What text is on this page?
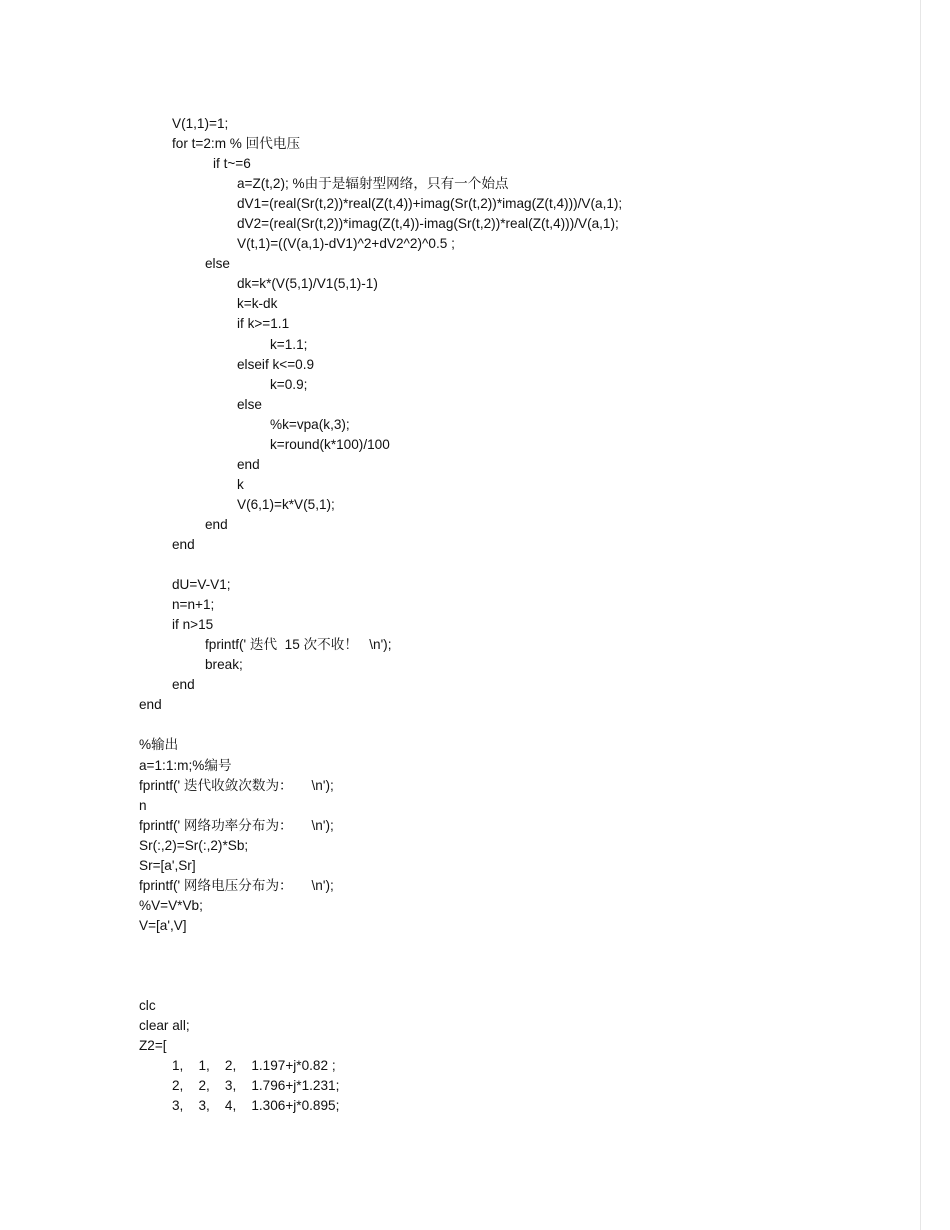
V(1,1)=1;
for t=2:m % 回代电压
if t~=6
a=Z(t,2); %由于是辐射型网络，只有一个始点
dV1=(real(Sr(t,2))*real(Z(t,4))+imag(Sr(t,2))*imag(Z(t,4)))/V(a,1);
dV2=(real(Sr(t,2))*imag(Z(t,4))-imag(Sr(t,2))*real(Z(t,4)))/V(a,1);
V(t,1)=((V(a,1)-dV1)^2+dV2^2)^0.5 ;
else
dk=k*(V(5,1)/V1(5,1)-1)
k=k-dk
if k>=1.1
k=1.1;
elseif k<=0.9
k=0.9;
else
%k=vpa(k,3);
k=round(k*100)/100
end
k
V(6,1)=k*V(5,1);
end
end
dU=V-V1;
n=n+1;
if n>15
fprintf(' 迭代  15 次不收！   \n');
break;
end
end
%输出
a=1:1:m;%编号
fprintf(' 迭代收敛次数为：     \n');
n
fprintf(' 网络功率分布为：     \n');
Sr(:,2)=Sr(:,2)*Sb;
Sr=[a',Sr]
fprintf(' 网络电压分布为：     \n');
%V=V*Vb;
V=[a',V]
clc
clear all;
Z2=[
1,    1,    2,    1.197+j*0.82 ;
2,    2,    3,    1.796+j*1.231;
3,    3,    4,    1.306+j*0.895;
